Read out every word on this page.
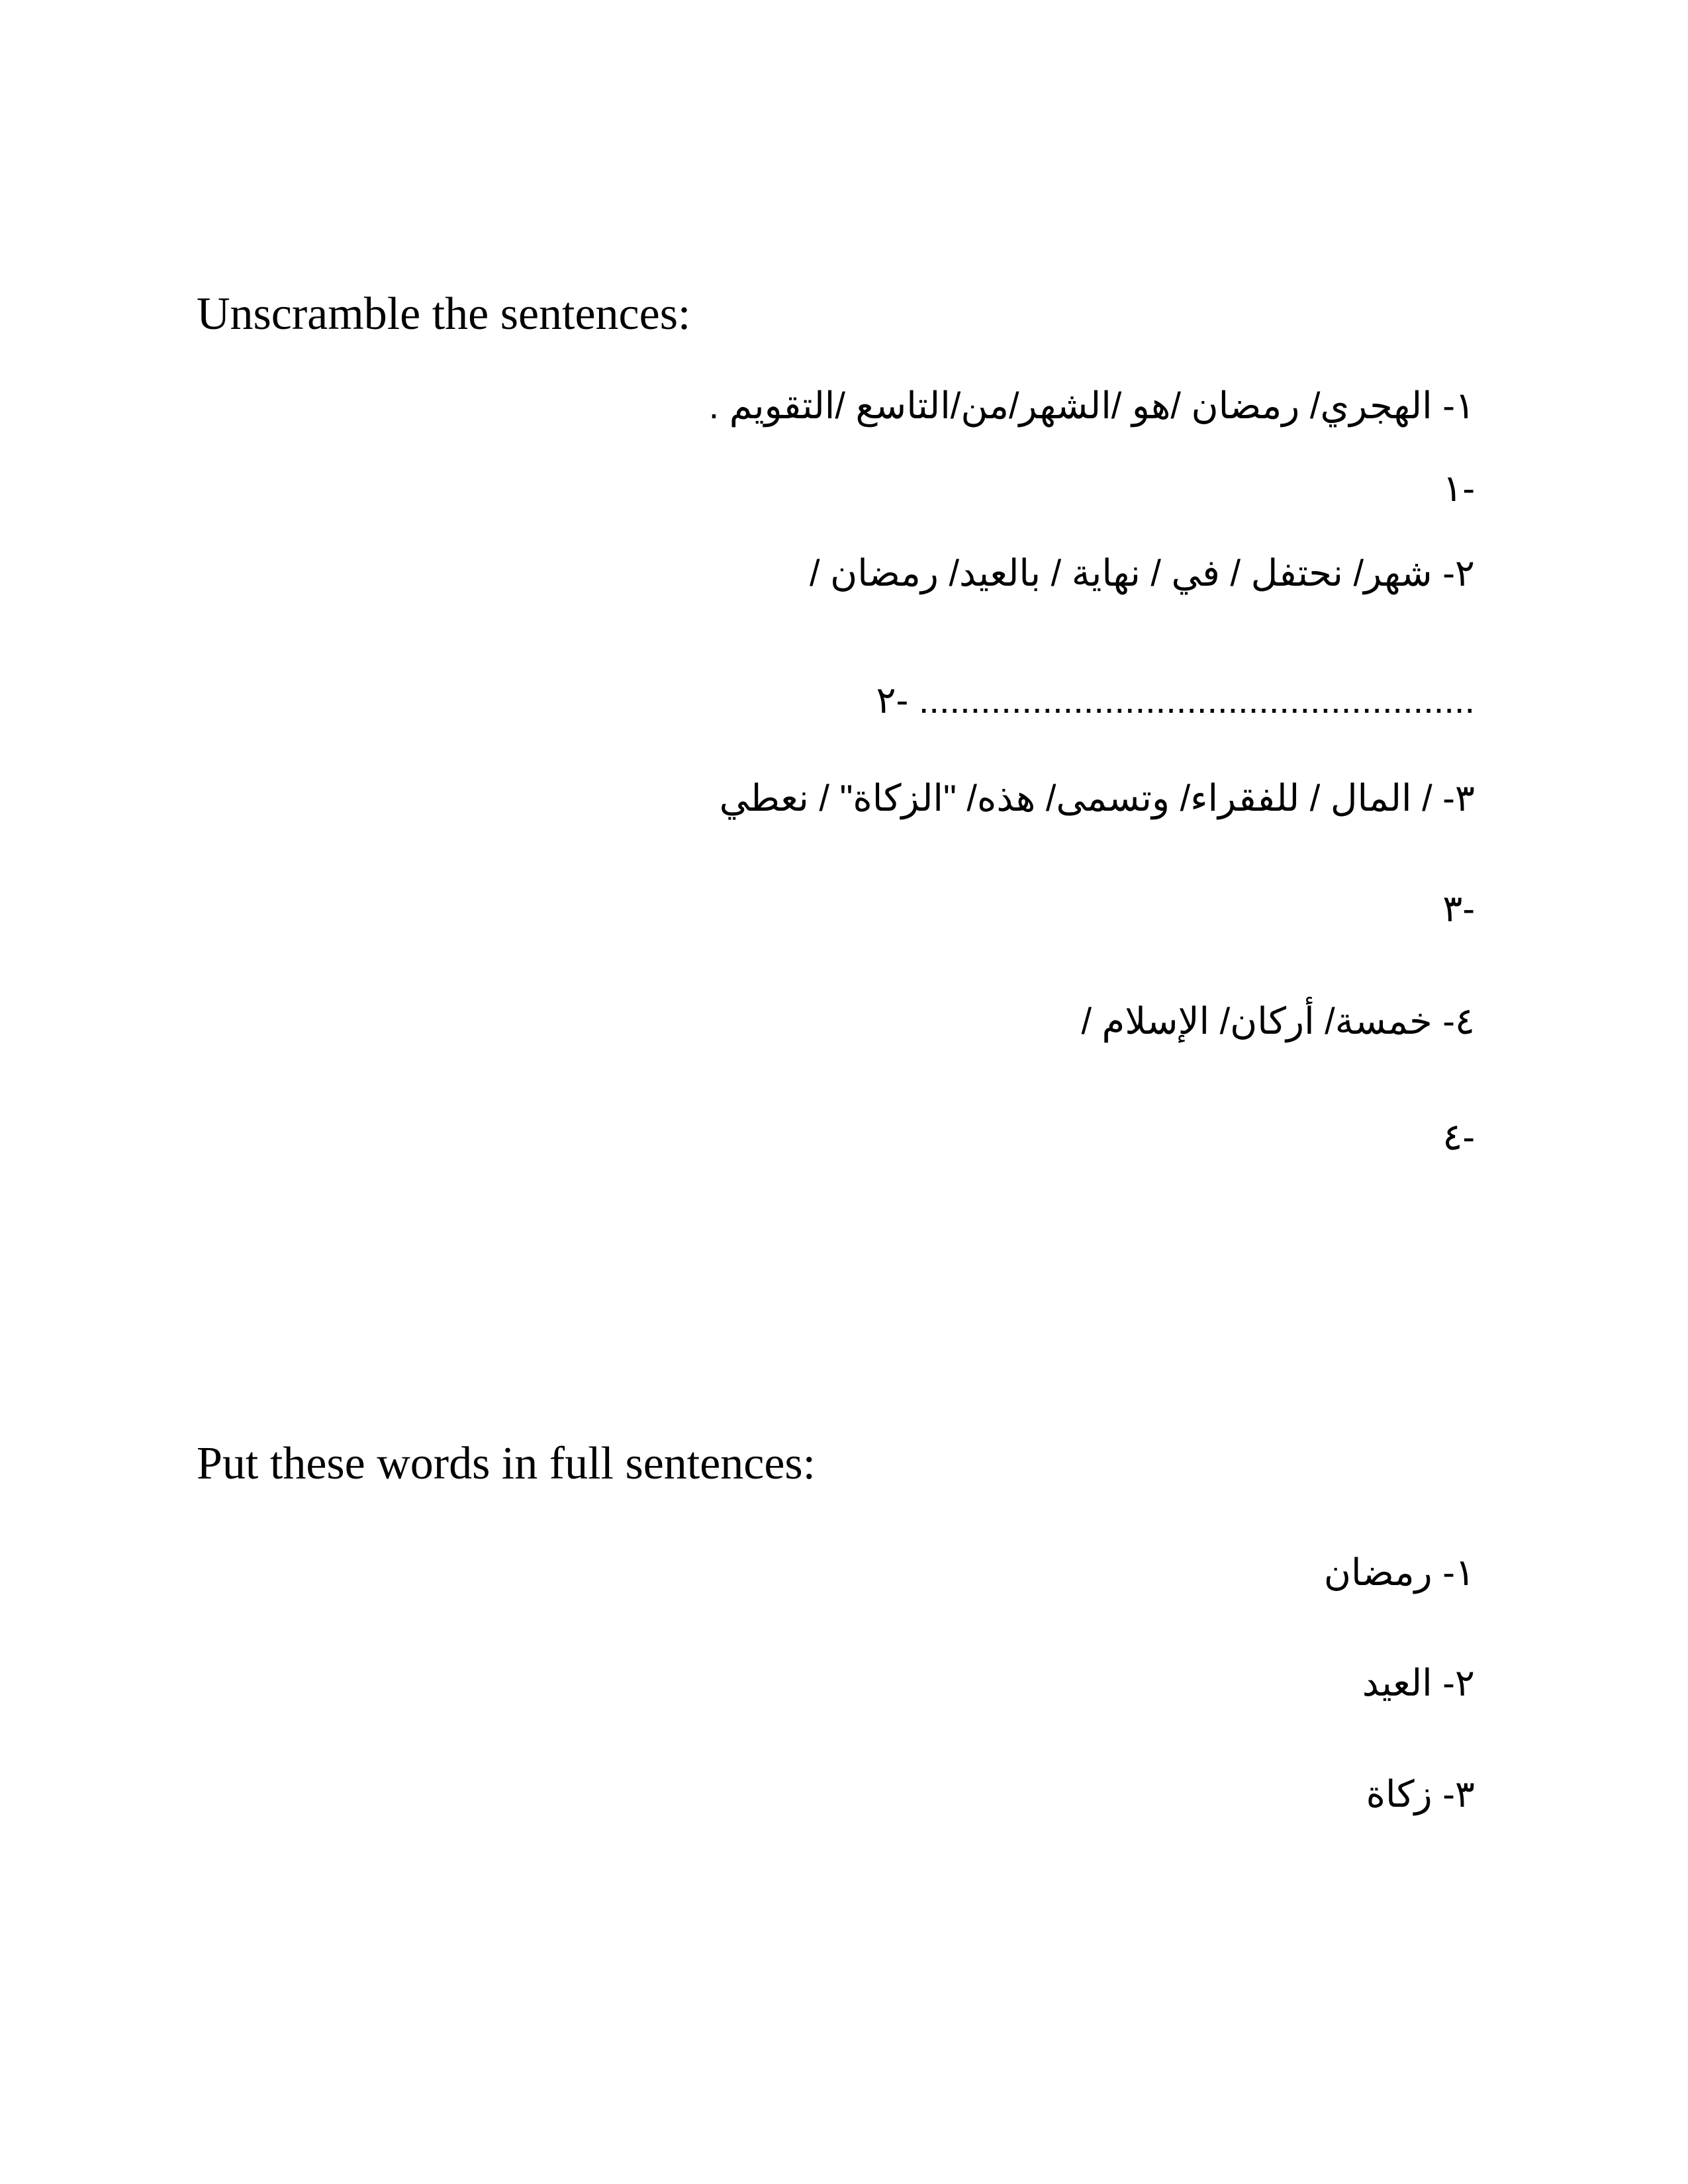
Unscramble the sentences:
١- الهجري/ رمضان /هو /الشهر/من/التاسع /التقويم .
١-
٢- شهر/ نحتفل / في / نهاية / بالعيد/ رمضان /
٢- ......................................................
٣- / المال / للفقراء/ وتسمى/ هذه/ "الزكاة" / نعطي
٣-
٤- خمسة/ أركان/ الإسلام /
٤-
Put these words in full sentences:
١- رمضان
٢- العيد
٣- زكاة
